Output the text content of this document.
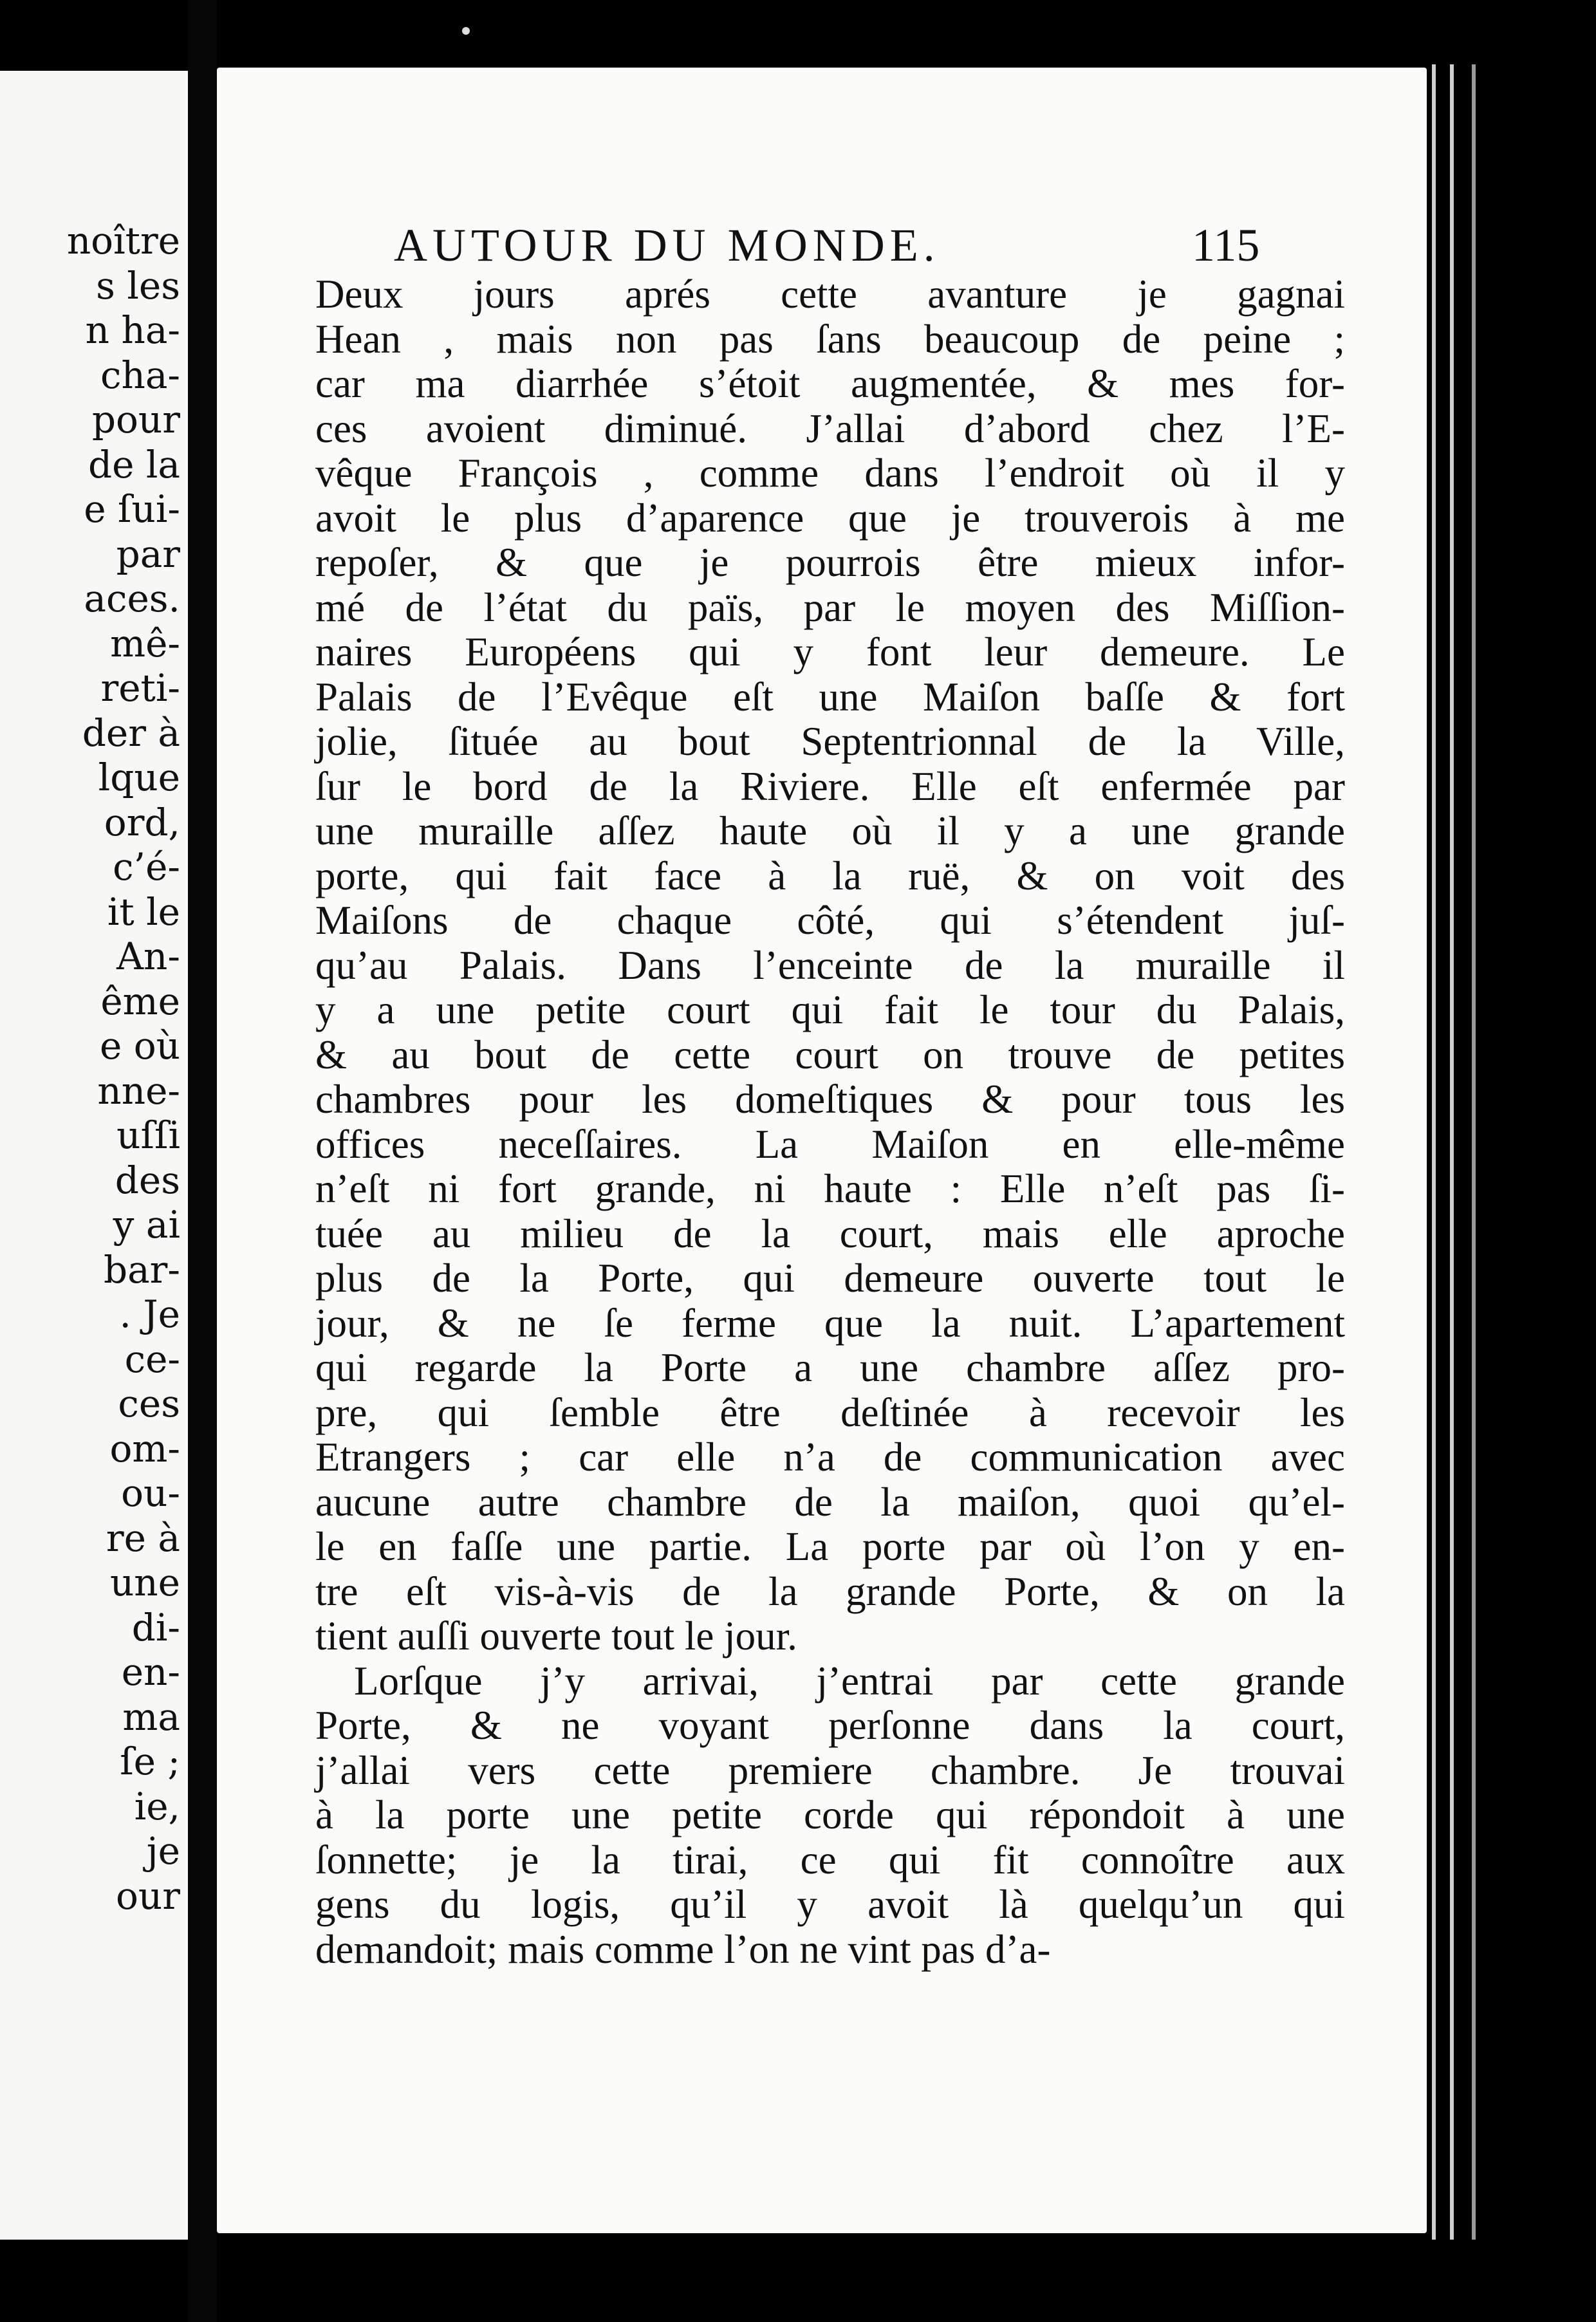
noître
s les
n ha-
cha-
pour
de la
e ſui-
par
aces.
mê-
reti-
der à
lque
ord,
c’é-
it le
An-
ême
e où
nne-
uſſi
des
y ai
bar-
. Je
ce-
ces
om-
ou-
re à
une
di-
en-
ma
ſe ;
ie,
je
our
AUTOUR DU MONDE.	115
Deux jours aprés cette avanture je gagnai
Hean , mais non pas ſans beaucoup de peine ;
car ma diarrhée s’étoit augmentée, & mes for-
ces avoient diminué. J’allai d’abord chez l’E-
vêque François , comme dans l’endroit où il y
avoit le plus d’aparence que je trouverois à me
repoſer, & que je pourrois être mieux infor-
mé de l’état du païs, par le moyen des Miſſion-
naires Européens qui y font leur demeure. Le
Palais de l’Evêque eſt une Maiſon baſſe & fort
jolie, ſituée au bout Septentrionnal de la Ville,
ſur le bord de la Riviere. Elle eſt enfermée par
une muraille aſſez haute où il y a une grande
porte, qui fait face à la ruë, & on voit des
Maiſons de chaque côté, qui s’étendent juſ-
qu’au Palais. Dans l’enceinte de la muraille il
y a une petite court qui fait le tour du Palais,
& au bout de cette court on trouve de petites
chambres pour les domeſtiques & pour tous les
offices neceſſaires. La Maiſon en elle-même
n’eſt ni fort grande, ni haute : Elle n’eſt pas ſi-
tuée au milieu de la court, mais elle aproche
plus de la Porte, qui demeure ouverte tout le
jour, & ne ſe ferme que la nuit. L’apartement
qui regarde la Porte a une chambre aſſez pro-
pre, qui ſemble être deſtinée à recevoir les
Etrangers ; car elle n’a de communication avec
aucune autre chambre de la maiſon, quoi qu’el-
le en faſſe une partie. La porte par où l’on y en-
tre eſt vis-à-vis de la grande Porte, & on la
tient auſſi ouverte tout le jour.
Lorſque j’y arrivai, j’entrai par cette grande
Porte, & ne voyant perſonne dans la court,
j’allai vers cette premiere chambre. Je trouvai
à la porte une petite corde qui répondoit à une
ſonnette; je la tirai, ce qui fit connoître aux
gens du logis, qu’il y avoit là quelqu’un qui
demandoit; mais comme l’on ne vint pas d’a-
